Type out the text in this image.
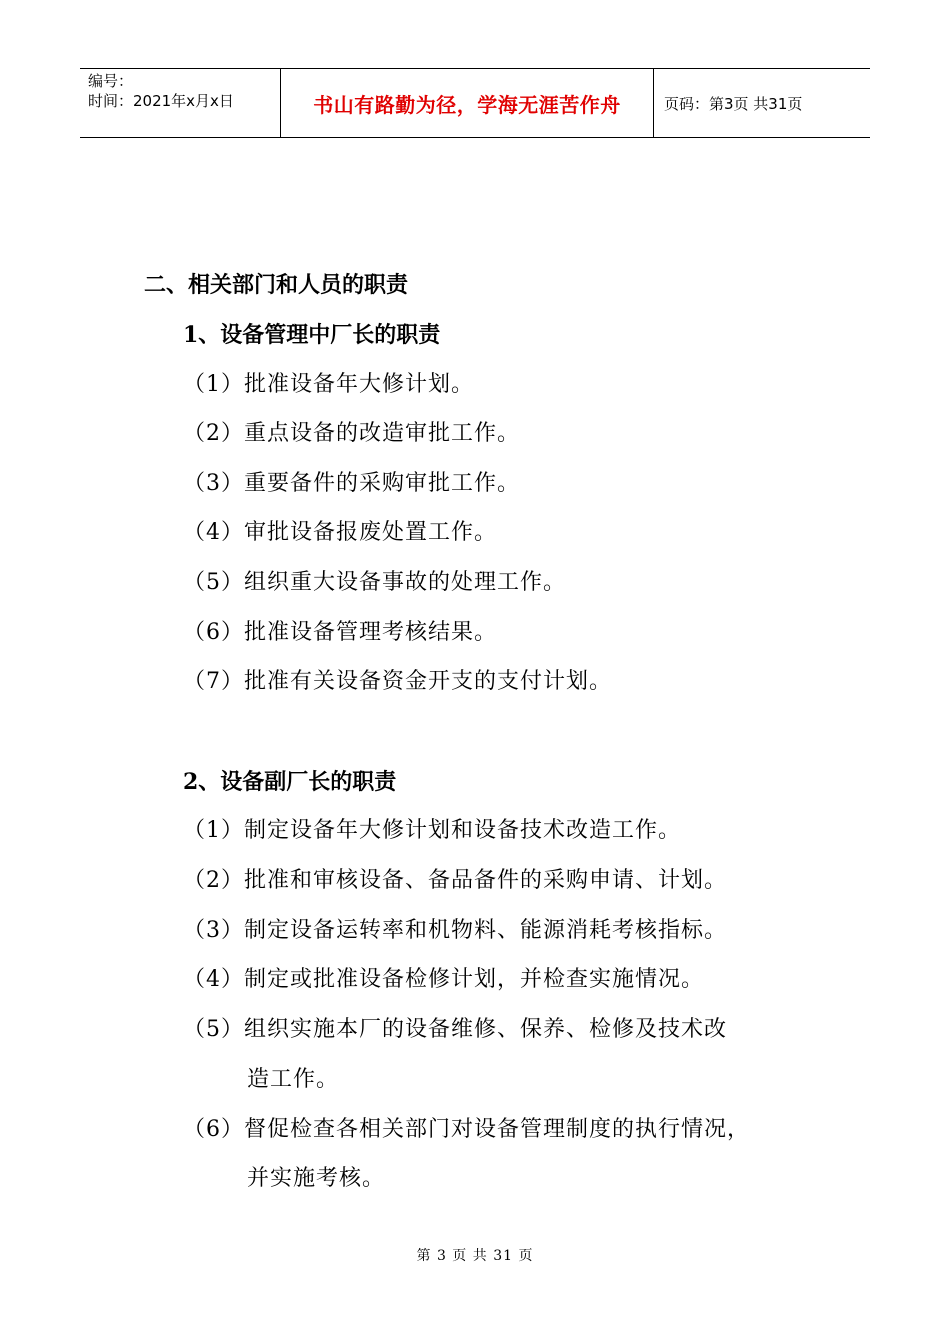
编号：
时间：2021年x月x日	书山有路勤为径，学海无涯苦作舟	页码：第3页 共31页
二、相关部门和人员的职责
1、设备管理中厂长的职责
（1）批准设备年大修计划。
（2）重点设备的改造审批工作。
（3）重要备件的采购审批工作。
（4）审批设备报废处置工作。
（5）组织重大设备事故的处理工作。
（6）批准设备管理考核结果。
（7）批准有关设备资金开支的支付计划。
2、设备副厂长的职责
（1）制定设备年大修计划和设备技术改造工作。
（2）批准和审核设备、备品备件的采购申请、计划。
（3）制定设备运转率和机物料、能源消耗考核指标。
（4）制定或批准设备检修计划，并检查实施情况。
（5）组织实施本厂的设备维修、保养、检修及技术改
造工作。
（6）督促检查各相关部门对设备管理制度的执行情况，
并实施考核。
第 3 页 共 31 页
